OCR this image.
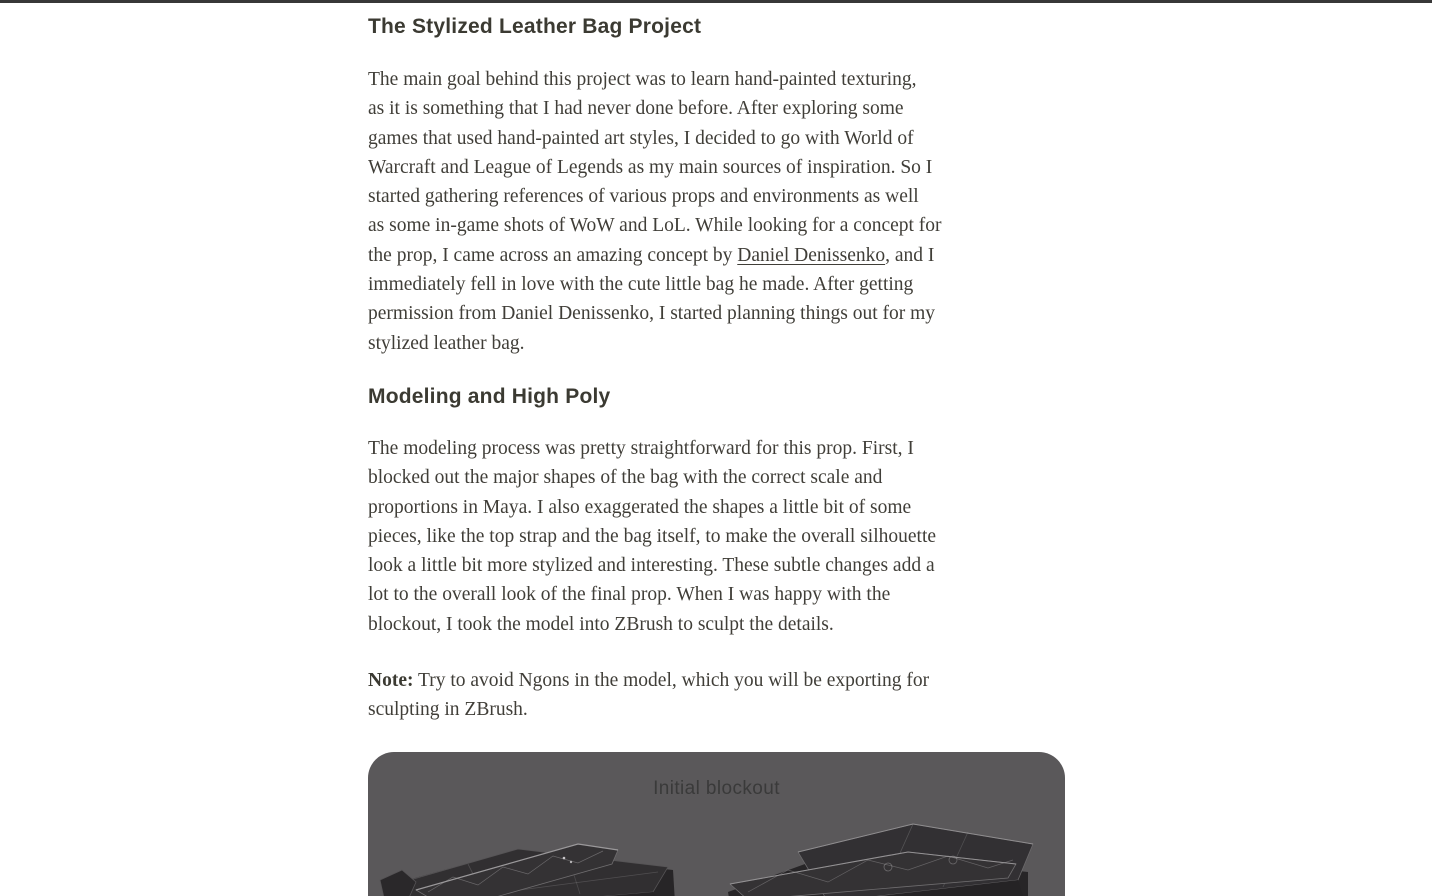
The Stylized Leather Bag Project

The main goal behind this project was to learn hand-painted texturing,
as it is something that I had never done before. After exploring some
games that used hand-painted art styles, I decided to go with World of
Warcraft and League of Legends as my main sources of inspiration. So I
started gathering references of various props and environments as well
as some in-game shots of WoW and LoL. While looking for a concept for
the prop, I came across an amazing concept by Daniel Denissenko, and I
immediately fell in love with the cute little bag he made. After getting
permission from Daniel Denissenko, I started planning things out for my
stylized leather bag.

Modeling and High Poly

The modeling process was pretty straightforward for this prop. First, I
blocked out the major shapes of the bag with the correct scale and
proportions in Maya. I also exaggerated the shapes a little bit of some
pieces, like the top strap and the bag itself, to make the overall silhouette
look a little bit more stylized and interesting. These subtle changes add a
lot to the overall look of the final prop. When I was happy with the
blockout, I took the model into ZBrush to sculpt the details.

Note: Try to avoid Ngons in the model, which you will be exporting for
sculpting in ZBrush.

Initial blockout
